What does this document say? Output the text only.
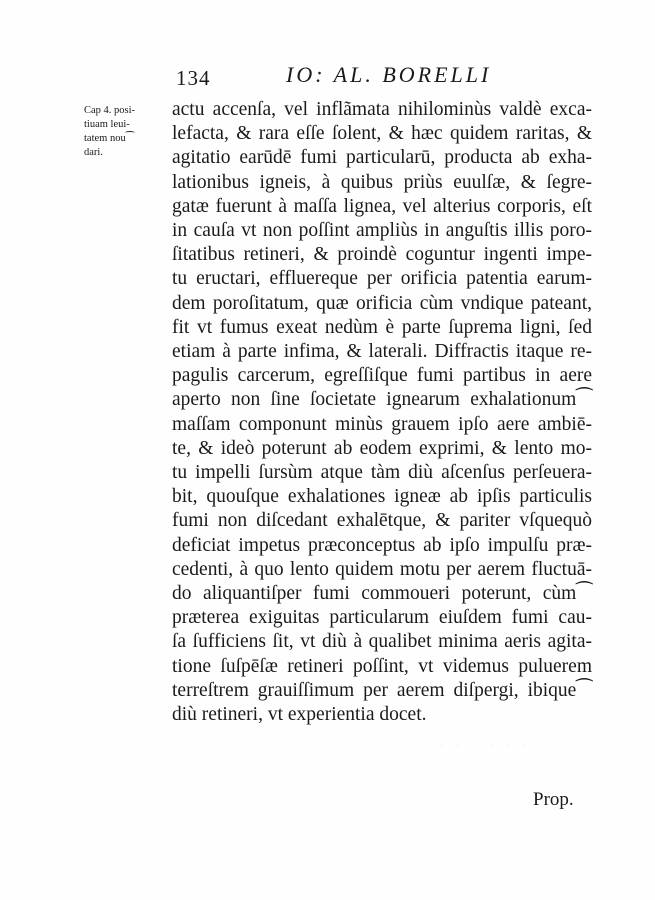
134	IO: AL. BORELLI
Cap 4. posi-
tiuam leui-
tatem nou⁀
dari.
actu accenſa, vel inflãmata nihilominùs valdè exca-
lefacta, & rara eſſe ſolent, & hæc quidem raritas, &
agitatio earūdē fumi particularū, producta ab exha-
lationibus igneis, à quibus priùs euulſæ, & ſegre-
gatæ fuerunt à maſſa lignea, vel alterius corporis, eſt
in cauſa vt non poſſint ampliùs in anguſtis illis poro-
ſitatibus retineri, & proindè coguntur ingenti impe-
tu eructari, effluereque per orificia patentia earum-
dem poroſitatum, quæ orificia cùm vndique pateant,
fit vt fumus exeat nedùm è parte ſuprema ligni, ſed
etiam à parte infima, & laterali. Diffractis itaque re-
pagulis carcerum, egreſſiſque fumi partibus in aere
aperto non ſine ſocietate ignearum exhalationum⁀
maſſam componunt minùs grauem ipſo aere ambiē-
te, & ideò poterunt ab eodem exprimi, & lento mo-
tu impelli ſursùm atque tàm diù aſcenſus perſeuera-
bit, quouſque exhalationes igneæ ab ipſis particulis
fumi non diſcedant exhalētque, & pariter vſquequò
deficiat impetus præconceptus ab ipſo impulſu præ-
cedenti, à quo lento quidem motu per aerem fluctuā-
do aliquantiſper fumi commoueri poterunt, cùm⁀
præterea exiguitas particularum eiuſdem fumi cau-
ſa ſufficiens ſit, vt diù à qualibet minima aeris agita-
tione ſuſpēſæ retineri poſſint, vt videmus puluerem
terreſtrem grauiſſimum per aerem diſpergi, ibique⁀
diù retineri, vt experientia docet.
· · ˙ · · ·
Prop.
